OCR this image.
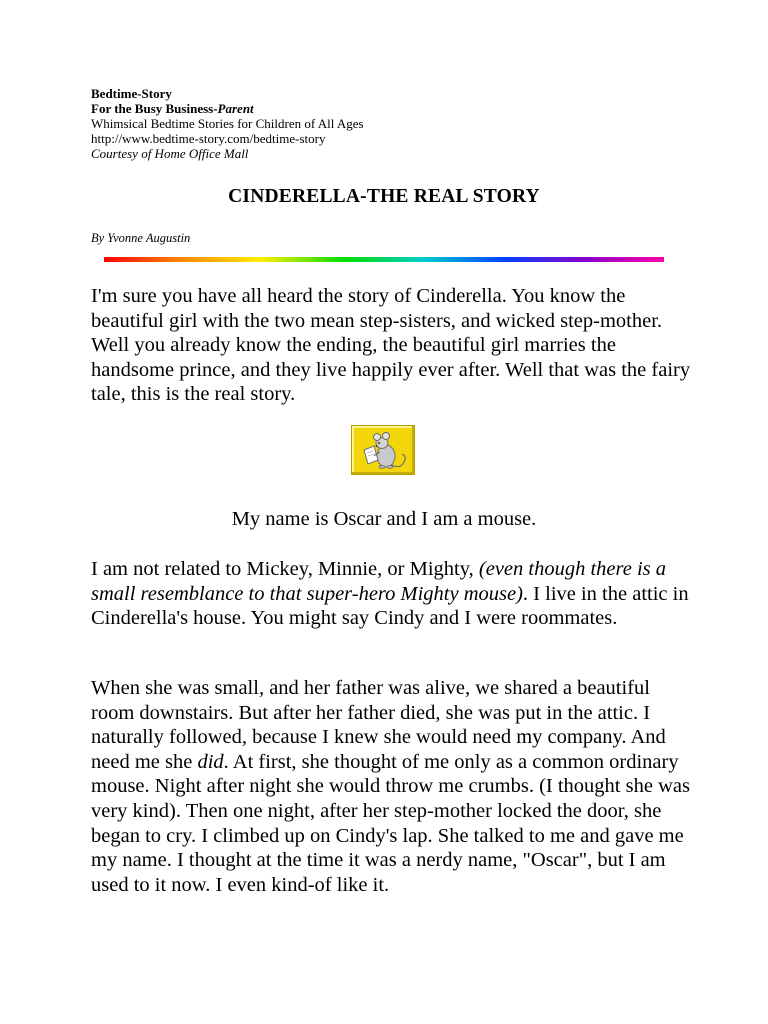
Bedtime-Story
For the Busy Business-Parent
Whimsical Bedtime Stories for Children of All Ages
http://www.bedtime-story.com/bedtime-story
Courtesy of Home Office Mall
CINDERELLA-THE REAL STORY
By Yvonne Augustin

I'm sure you have all heard the story of Cinderella. You know the beautiful girl with the two mean step-sisters, and wicked step-mother. Well you already know the ending, the beautiful girl marries the handsome prince, and they live happily ever after. Well that was the fairy tale, this is the real story.

My name is Oscar and I am a mouse.

I am not related to Mickey, Minnie, or Mighty, (even though there is a small resemblance to that super-hero Mighty mouse). I live in the attic in Cinderella's house. You might say Cindy and I were roommates.

When she was small, and her father was alive, we shared a beautiful room downstairs. But after her father died, she was put in the attic. I naturally followed, because I knew she would need my company. And need me she did. At first, she thought of me only as a common ordinary mouse. Night after night she would throw me crumbs. (I thought she was very kind). Then one night, after her step-mother locked the door, she began to cry. I climbed up on Cindy's lap. She talked to me and gave me my name. I thought at the time it was a nerdy name, "Oscar", but I am used to it now. I even kind-of like it.
